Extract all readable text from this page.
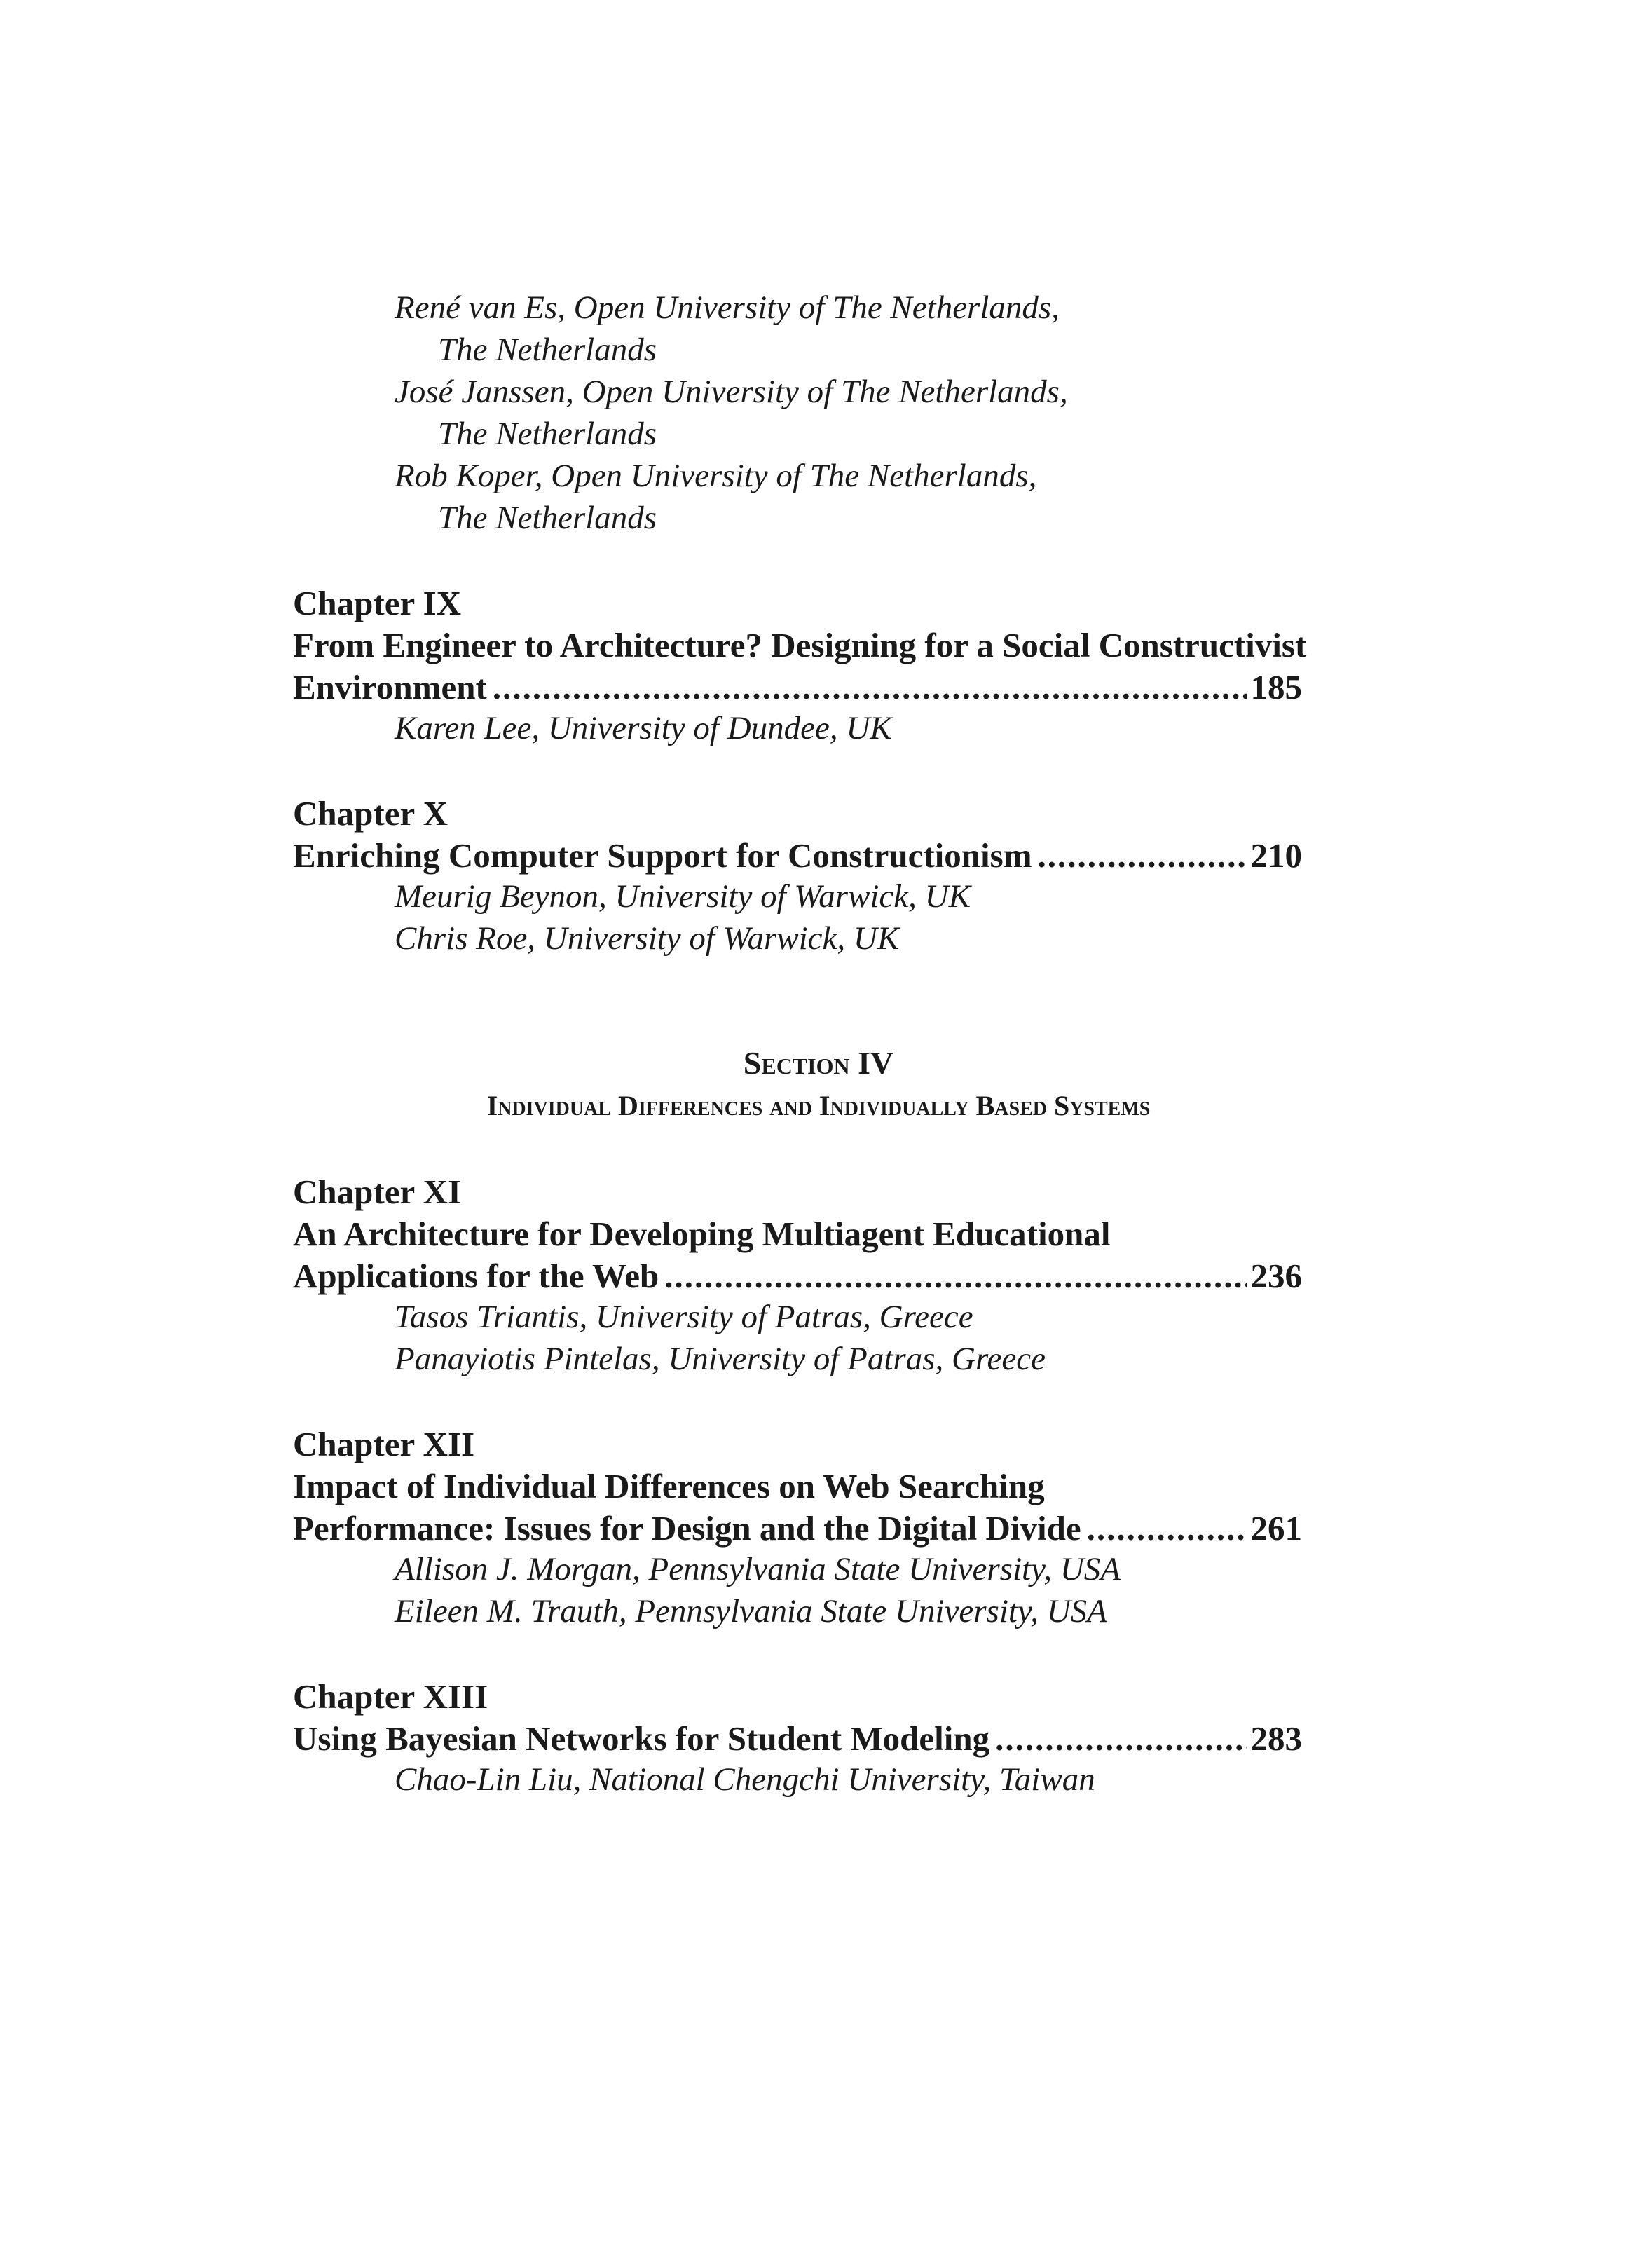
René van Es, Open University of The Netherlands,
The Netherlands
José Janssen, Open University of The Netherlands,
The Netherlands
Rob Koper, Open University of The Netherlands,
The Netherlands
Chapter IX
From Engineer to Architecture? Designing for a Social Constructivist
Environment .....	185
Karen Lee, University of Dundee, UK
Chapter X
Enriching Computer Support for Constructionism .....	210
Meurig Beynon, University of Warwick, UK
Chris Roe, University of Warwick, UK
Section IV
Individual Differences and Individually Based Systems
Chapter XI
An Architecture for Developing Multiagent Educational
Applications for the Web .....	236
Tasos Triantis, University of Patras, Greece
Panayiotis Pintelas, University of Patras, Greece
Chapter XII
Impact of Individual Differences on Web Searching
Performance: Issues for Design and the Digital Divide .....	261
Allison J. Morgan, Pennsylvania State University, USA
Eileen M. Trauth, Pennsylvania State University, USA
Chapter XIII
Using Bayesian Networks for Student Modeling .....	283
Chao-Lin Liu, National Chengchi University, Taiwan
